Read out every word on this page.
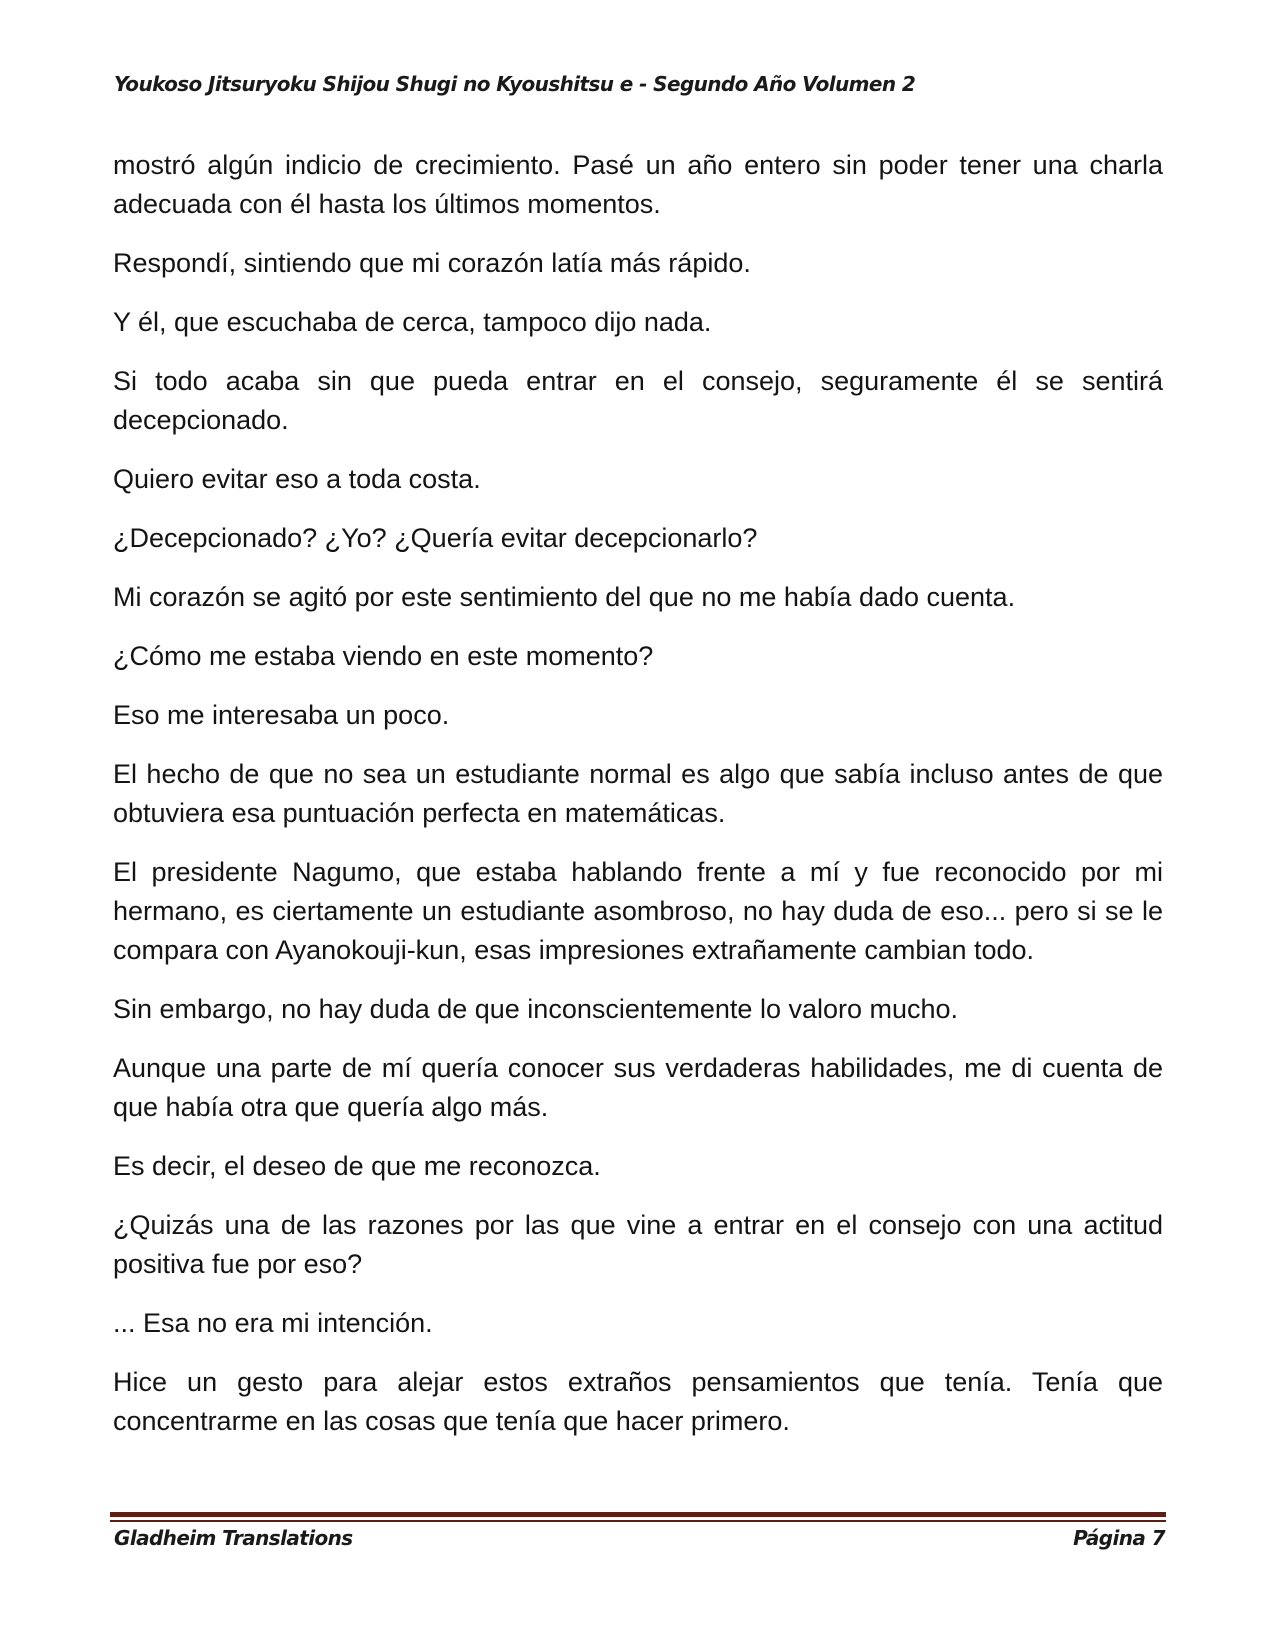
Youkoso Jitsuryoku Shijou Shugi no Kyoushitsu e - Segundo Año Volumen 2

mostró algún indicio de crecimiento. Pasé un año entero sin poder tener una charla adecuada con él hasta los últimos momentos.

Respondí, sintiendo que mi corazón latía más rápido.

Y él, que escuchaba de cerca, tampoco dijo nada.

Si todo acaba sin que pueda entrar en el consejo, seguramente él se sentirá decepcionado.

Quiero evitar eso a toda costa.

¿Decepcionado? ¿Yo? ¿Quería evitar decepcionarlo?

Mi corazón se agitó por este sentimiento del que no me había dado cuenta.

¿Cómo me estaba viendo en este momento?

Eso me interesaba un poco.

El hecho de que no sea un estudiante normal es algo que sabía incluso antes de que obtuviera esa puntuación perfecta en matemáticas.

El presidente Nagumo, que estaba hablando frente a mí y fue reconocido por mi hermano, es ciertamente un estudiante asombroso, no hay duda de eso... pero si se le compara con Ayanokouji-kun, esas impresiones extrañamente cambian todo.

Sin embargo, no hay duda de que inconscientemente lo valoro mucho.

Aunque una parte de mí quería conocer sus verdaderas habilidades, me di cuenta de que había otra que quería algo más.

Es decir, el deseo de que me reconozca.

¿Quizás una de las razones por las que vine a entrar en el consejo con una actitud positiva fue por eso?

... Esa no era mi intención.

Hice un gesto para alejar estos extraños pensamientos que tenía. Tenía que concentrarme en las cosas que tenía que hacer primero.

Gladheim Translations	Página 7
